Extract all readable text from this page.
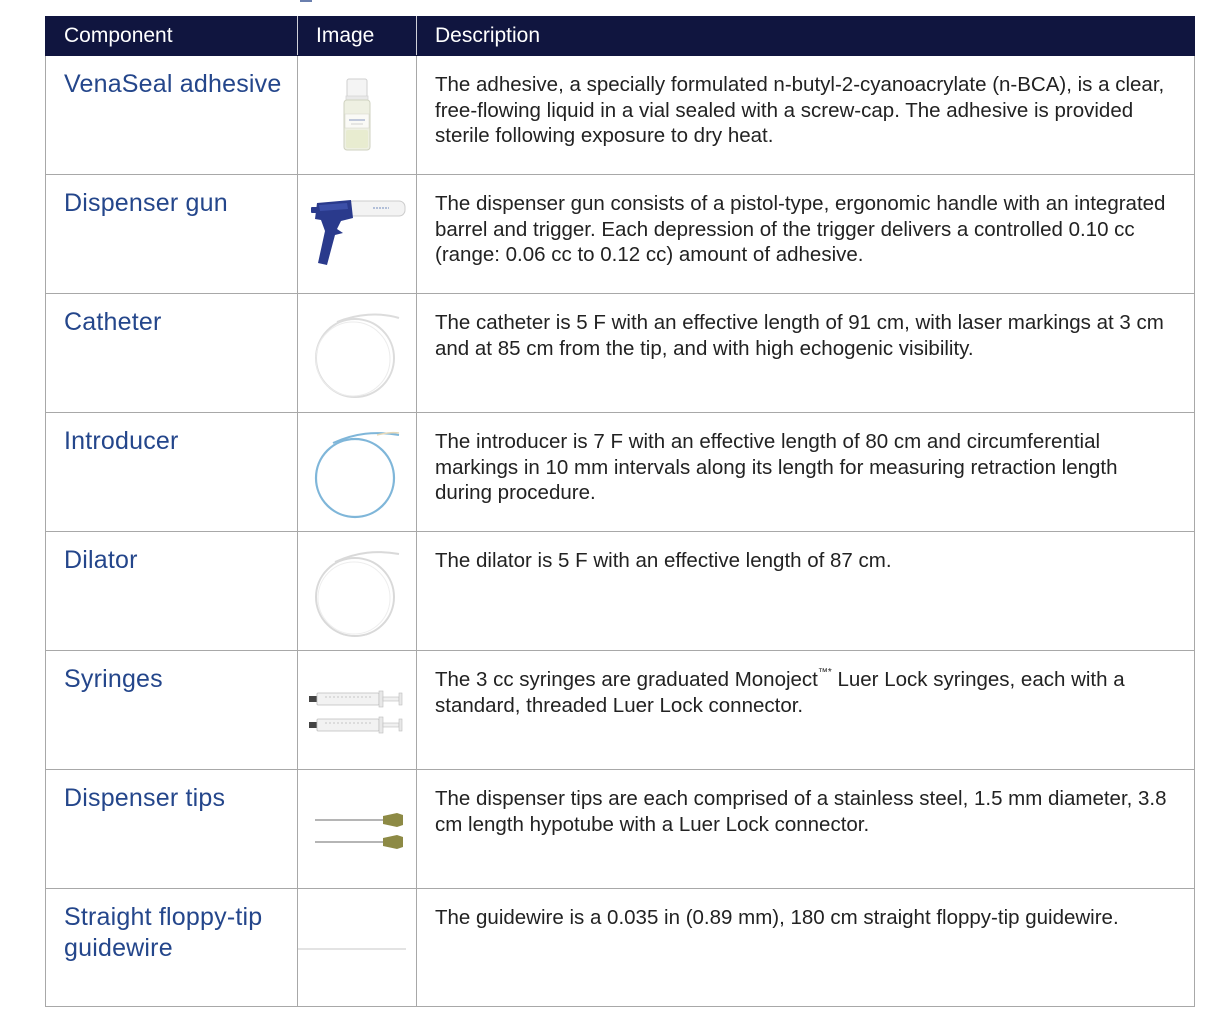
Component	Image	Description
VenaSeal adhesive		The adhesive, a specially formulated n-butyl-2-cyanoacrylate (n-BCA), is a clear, free-flowing liquid in a vial sealed with a screw-cap. The adhesive is provided sterile following exposure to dry heat.
Dispenser gun		The dispenser gun consists of a pistol-type, ergonomic handle with an integrated barrel and trigger. Each depression of the trigger delivers a controlled 0.10 cc (range: 0.06 cc to 0.12 cc) amount of adhesive.
Catheter		The catheter is 5 F with an effective length of 91 cm, with laser markings at 3 cm and at 85 cm from the tip, and with high echogenic visibility.
Introducer		The introducer is 7 F with an effective length of 80 cm and circumferential markings in 10 mm intervals along its length for measuring retraction length during procedure.
Dilator		The dilator is 5 F with an effective length of 87 cm.
Syringes		The 3 cc syringes are graduated Monoject™* Luer Lock syringes, each with a standard, threaded Luer Lock connector.
Dispenser tips		The dispenser tips are each comprised of a stainless steel, 1.5 mm diameter, 3.8 cm length hypotube with a Luer Lock connector.
Straight floppy-tip guidewire		The guidewire is a 0.035 in (0.89 mm), 180 cm straight floppy-tip guidewire.
